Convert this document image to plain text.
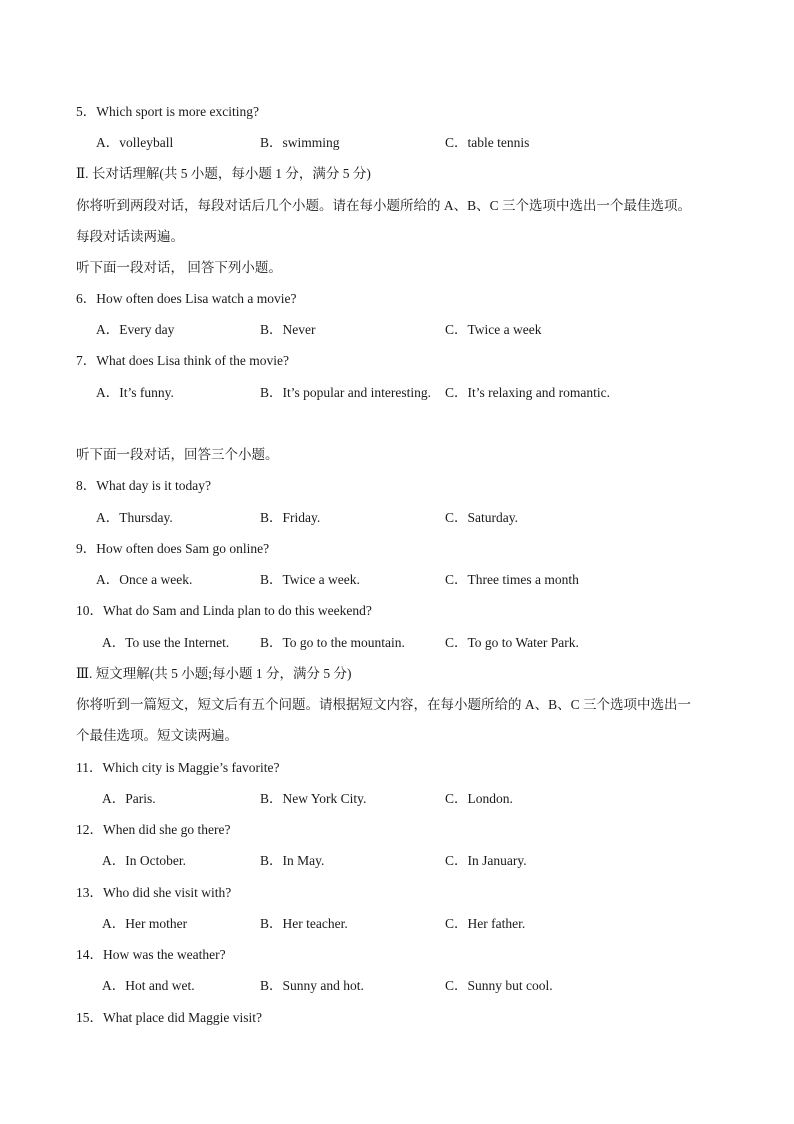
5．Which sport is more exciting?
A．volleyball	B．swimming	C．table tennis
Ⅱ. 长对话理解(共 5 小题，每小题 1 分，满分 5 分)
你将听到两段对话，每段对话后几个小题。请在每小题所给的 A、B、C 三个选项中选出一个最佳选项。
每段对话读两遍。
听下面一段对话， 回答下列小题。
6．How often does Lisa watch a movie?
A．Every day	B．Never	C．Twice a week
7．What does Lisa think of the movie?
A．It’s funny.	B．It’s popular and interesting. C．It’s relaxing and romantic.
听下面一段对话，回答三个小题。
8．What day is it today?
A．Thursday.	B．Friday.	C．Saturday.
9．How often does Sam go online?
A．Once a week.	B．Twice a week.	C．Three times a month
10．What do Sam and Linda plan to do this weekend?
A．To use the Internet. B．To go to the mountain.	C．To go to Water Park.
Ⅲ. 短文理解(共 5 小题;每小题 1 分，满分 5 分)
你将听到一篇短文，短文后有五个问题。请根据短文内容，在每小题所给的 A、B、C 三个选项中选出一
个最佳选项。短文读两遍。
11．Which city is Maggie’s favorite?
A．Paris.	B．New York City.	C．London.
12．When did she go there?
A．In October.	B．In May.	C．In January.
13．Who did she visit with?
A．Her mother	B．Her teacher.	C．Her father.
14．How was the weather?
A．Hot and wet.	B．Sunny and hot.	C．Sunny but cool.
15．What place did Maggie visit?
